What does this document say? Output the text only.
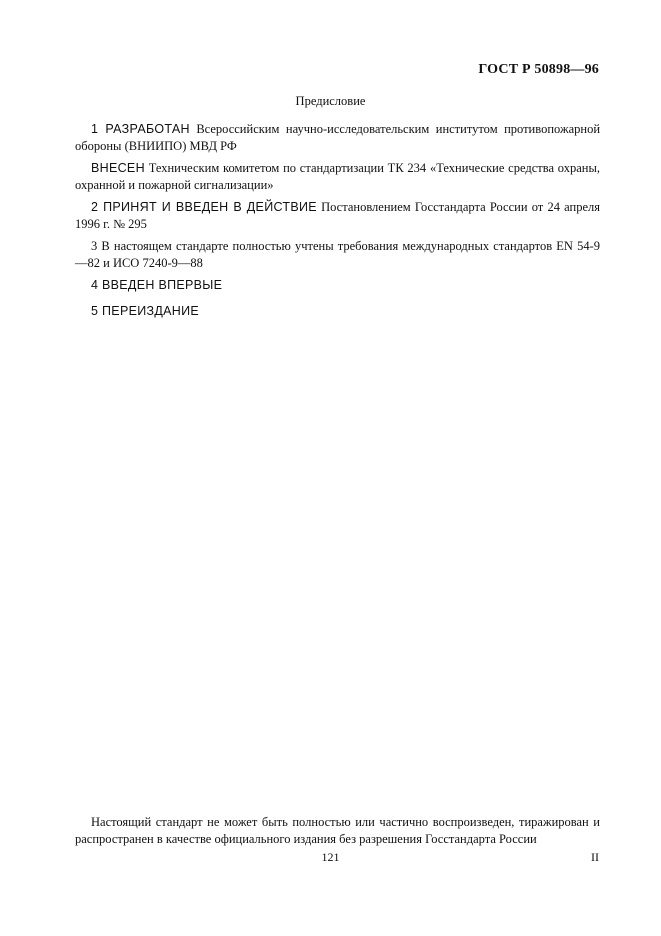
ГОСТ Р 50898—96
Предисловие
1 РАЗРАБОТАН Всероссийским научно-исследовательским институтом противопожарной обороны (ВНИИПО) МВД РФ
ВНЕСЕН Техническим комитетом по стандартизации ТК 234 «Технические средства охраны, охранной и пожарной сигнализации»
2 ПРИНЯТ И ВВЕДЕН В ДЕЙСТВИЕ Постановлением Госстандарта России от 24 апреля 1996 г. № 295
3 В настоящем стандарте полностью учтены требования международных стандартов EN 54-9—82 и ИСО 7240-9—88
4 ВВЕДЕН ВПЕРВЫЕ
5 ПЕРЕИЗДАНИЕ
Настоящий стандарт не может быть полностью или частично воспроизведен, тиражирован и распространен в качестве официального издания без разрешения Госстандарта России
121	II
